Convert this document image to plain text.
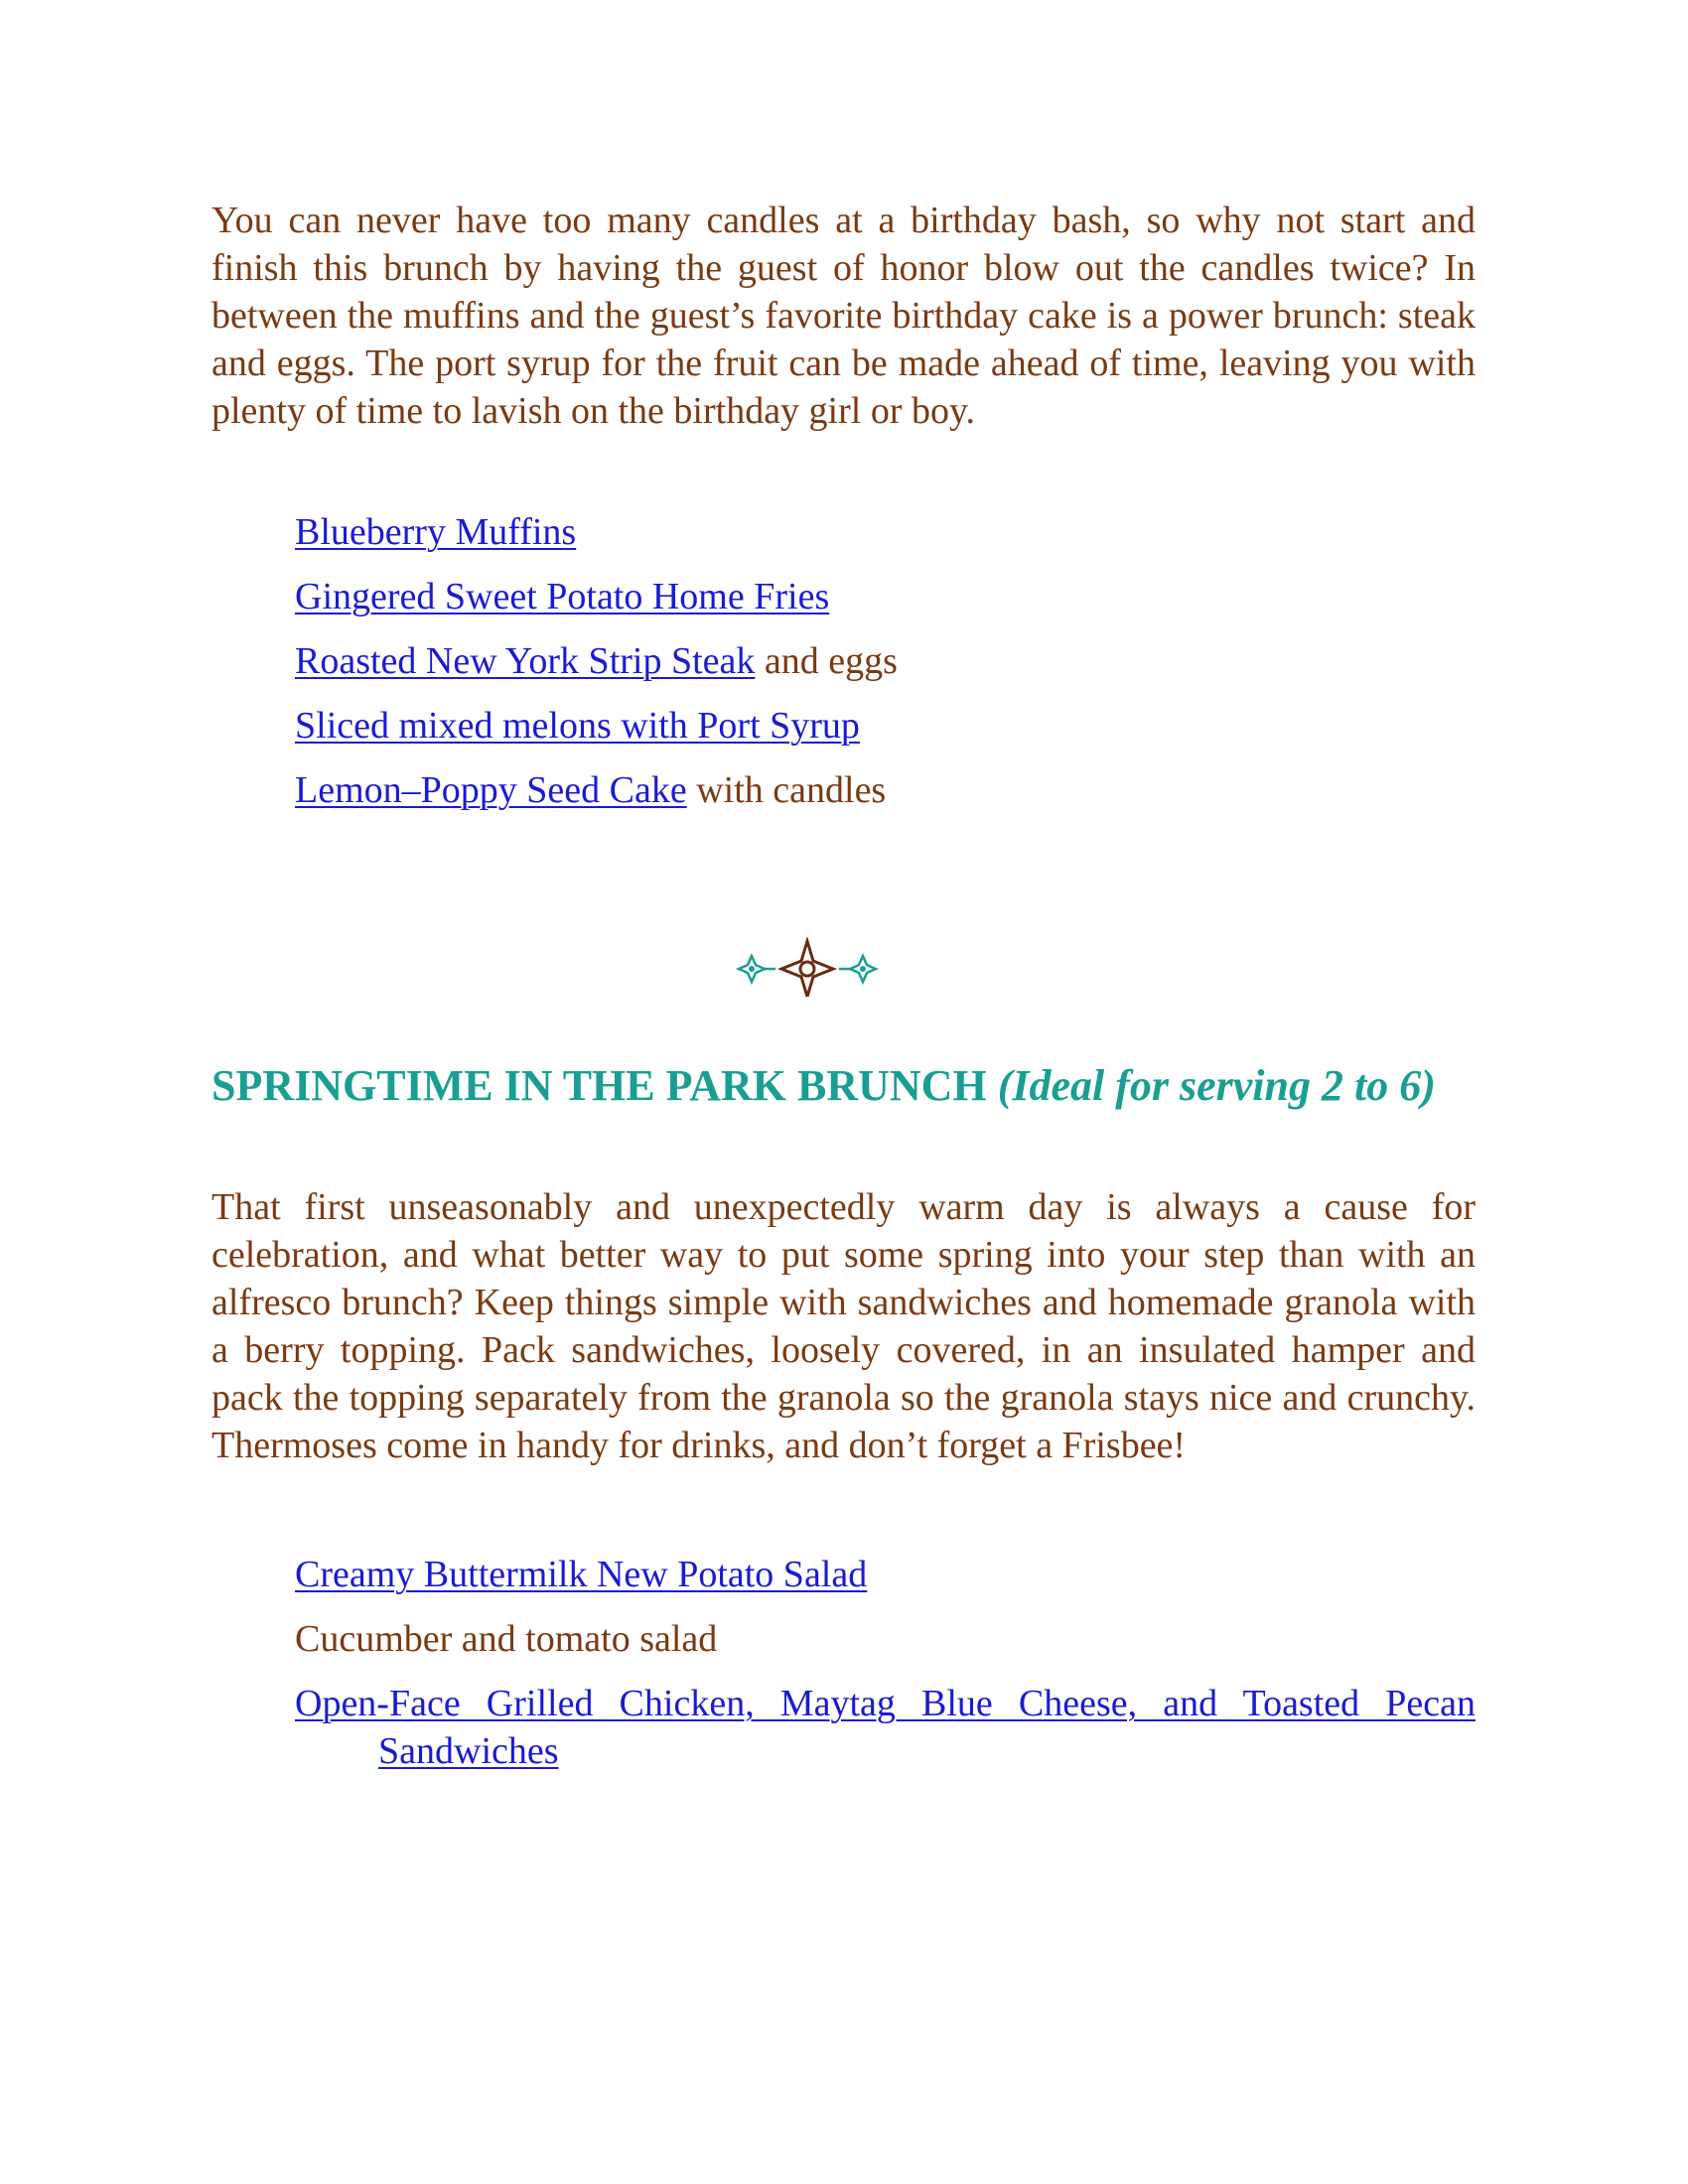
You can never have too many candles at a birthday bash, so why not start and finish this brunch by having the guest of honor blow out the candles twice? In between the muffins and the guest’s favorite birthday cake is a power brunch: steak and eggs. The port syrup for the fruit can be made ahead of time, leaving you with plenty of time to lavish on the birthday girl or boy.

Blueberry Muffins
Gingered Sweet Potato Home Fries
Roasted New York Strip Steak and eggs
Sliced mixed melons with Port Syrup
Lemon–Poppy Seed Cake with candles
SPRINGTIME IN THE PARK BRUNCH (Ideal for serving 2 to 6)

That first unseasonably and unexpectedly warm day is always a cause for celebration, and what better way to put some spring into your step than with an alfresco brunch? Keep things simple with sandwiches and homemade granola with a berry topping. Pack sandwiches, loosely covered, in an insulated hamper and pack the topping separately from the granola so the granola stays nice and crunchy. Thermoses come in handy for drinks, and don’t forget a Frisbee!

Creamy Buttermilk New Potato Salad
Cucumber and tomato salad
Open-Face Grilled Chicken, Maytag Blue Cheese, and Toasted Pecan Sandwiches
